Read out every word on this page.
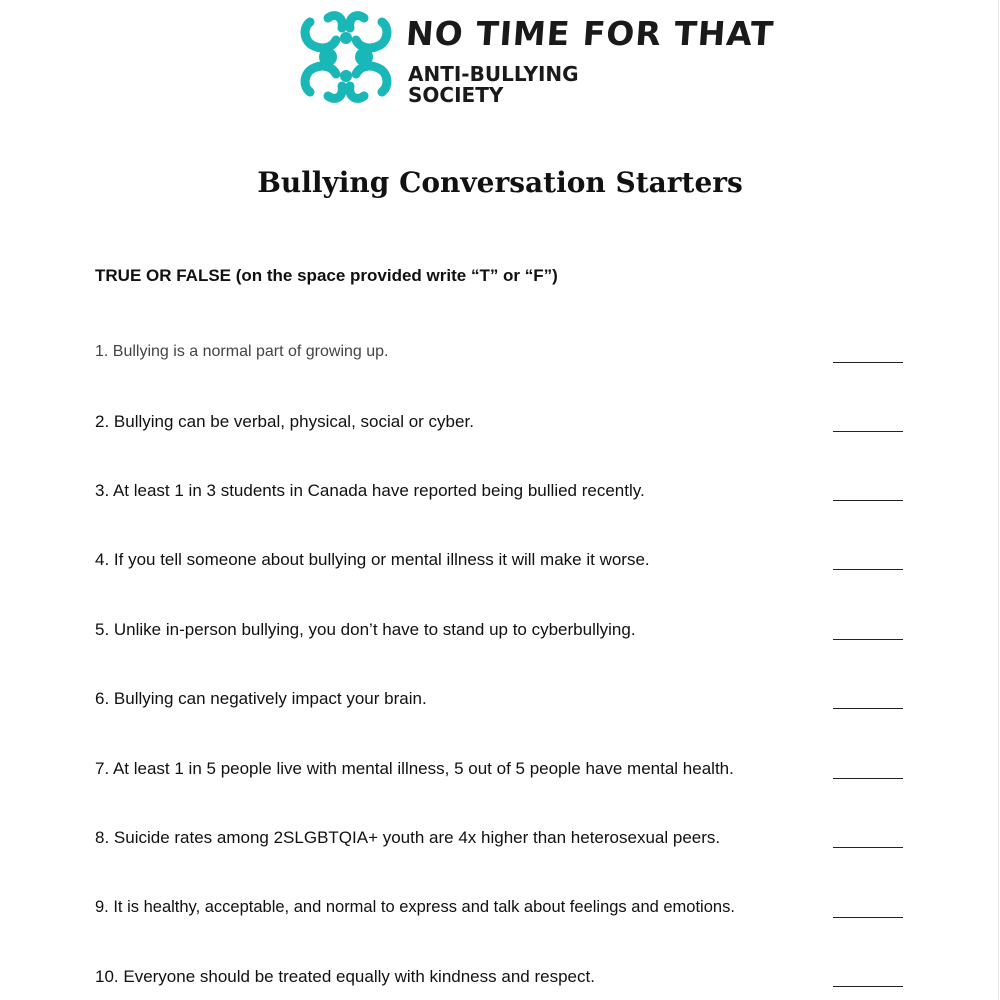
NO TIME FOR THAT
ANTI-BULLYING
SOCIETY
Bullying Conversation Starters
TRUE OR FALSE (on the space provided write “T” or “F”)
1. Bullying is a normal part of growing up.
2. Bullying can be verbal, physical, social or cyber.
3. At least 1 in 3 students in Canada have reported being bullied recently.
4. If you tell someone about bullying or mental illness it will make it worse.
5. Unlike in-person bullying, you don’t have to stand up to cyberbullying.
6. Bullying can negatively impact your brain.
7. At least 1 in 5 people live with mental illness, 5 out of 5 people have mental health.
8. Suicide rates among 2SLGBTQIA+ youth are 4x higher than heterosexual peers.
9. It is healthy, acceptable, and normal to express and talk about feelings and emotions.
10. Everyone should be treated equally with kindness and respect.
